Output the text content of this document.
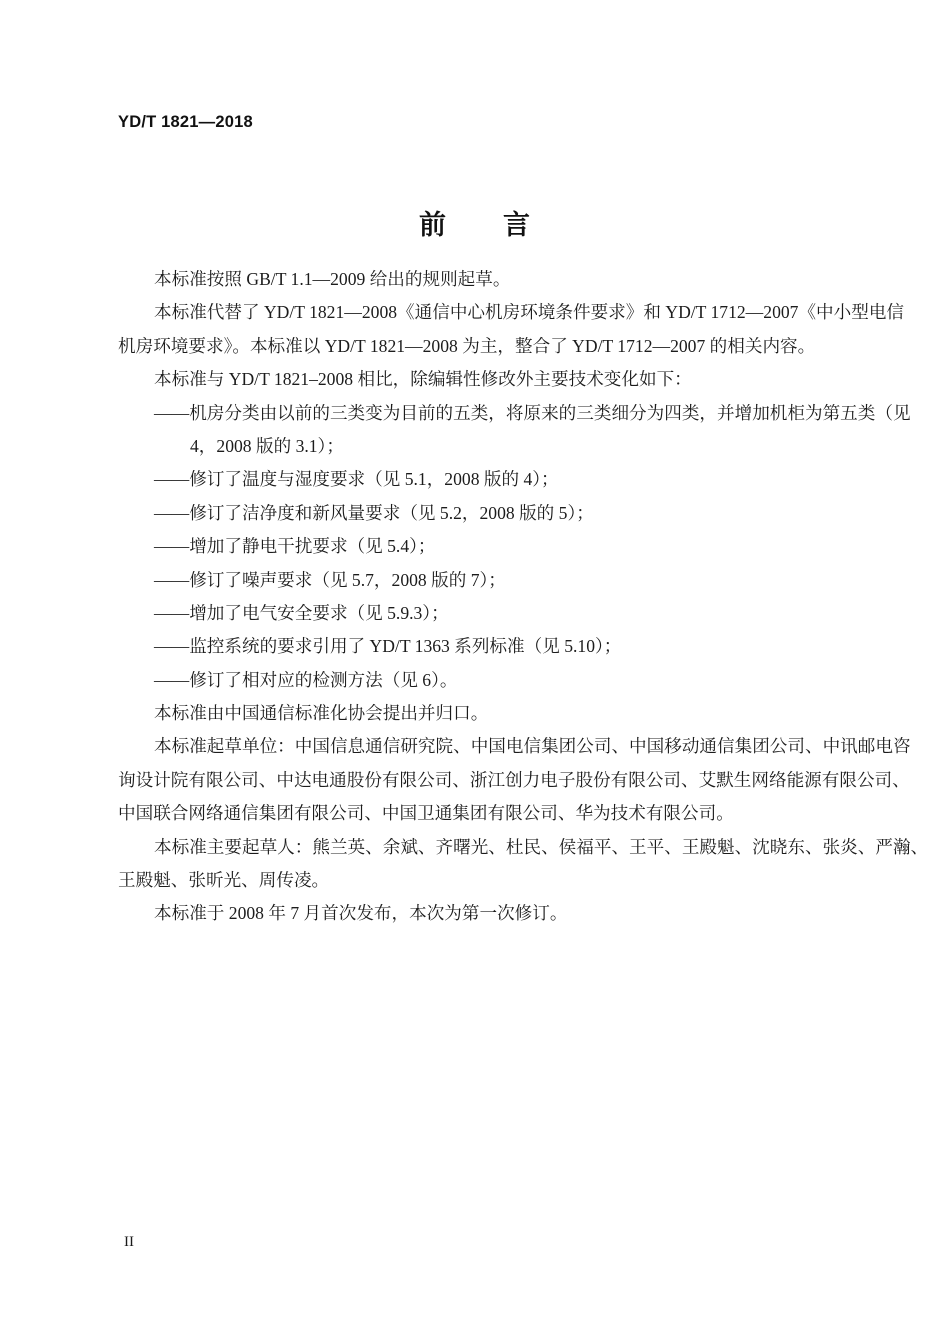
YD/T 1821—2018
前　　言
本标准按照 GB/T 1.1—2009 给出的规则起草。
本标准代替了 YD/T 1821—2008《通信中心机房环境条件要求》和 YD/T 1712—2007《中小型电信
机房环境要求》。本标准以 YD/T 1821—2008 为主，整合了 YD/T 1712—2007 的相关内容。
本标准与 YD/T 1821–2008 相比，除编辑性修改外主要技术变化如下：
——机房分类由以前的三类变为目前的五类，将原来的三类细分为四类，并增加机柜为第五类（见
4，2008 版的 3.1）；
——修订了温度与湿度要求（见 5.1，2008 版的 4）；
——修订了洁净度和新风量要求（见 5.2，2008 版的 5）；
——增加了静电干扰要求（见 5.4）；
——修订了噪声要求（见 5.7，2008 版的 7）；
——增加了电气安全要求（见 5.9.3）；
——监控系统的要求引用了 YD/T 1363 系列标准（见 5.10）；
——修订了相对应的检测方法（见 6）。
本标准由中国通信标准化协会提出并归口。
本标准起草单位：中国信息通信研究院、中国电信集团公司、中国移动通信集团公司、中讯邮电咨
询设计院有限公司、中达电通股份有限公司、浙江创力电子股份有限公司、艾默生网络能源有限公司、
中国联合网络通信集团有限公司、中国卫通集团有限公司、华为技术有限公司。
本标准主要起草人：熊兰英、余斌、齐曙光、杜民、侯福平、王平、王殿魁、沈晓东、张炎、严瀚、
王殿魁、张昕光、周传凌。
本标准于 2008 年 7 月首次发布，本次为第一次修订。
II
